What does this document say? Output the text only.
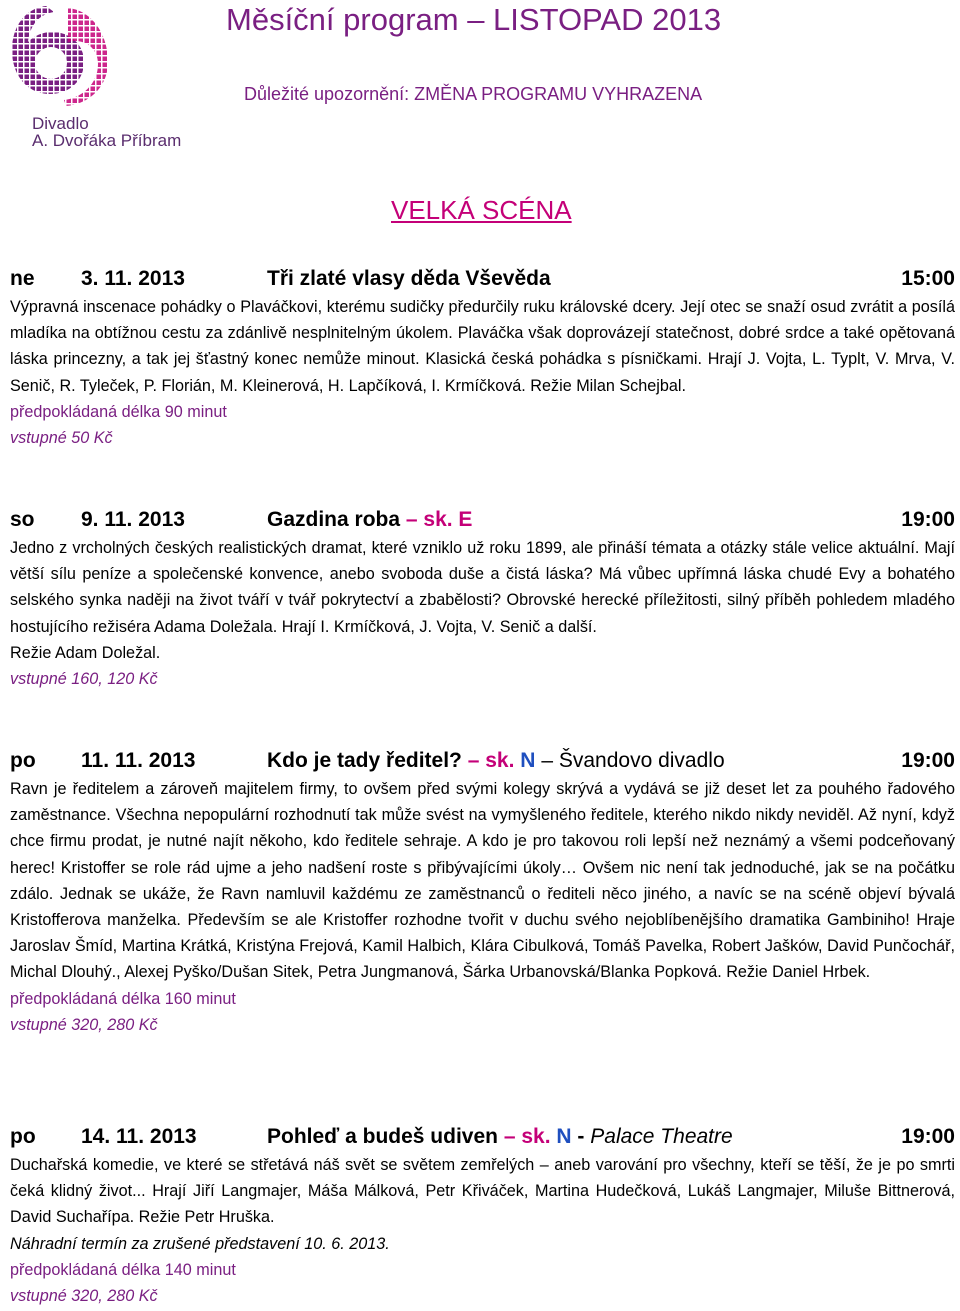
Divadlo
A. Dvořáka Příbram
Měsíční program – LISTOPAD 2013
Důležité upozornění: ZMĚNA PROGRAMU VYHRAZENA
VELKÁ SCÉNA
ne 3. 11. 2013	Tři zlaté vlasy děda Vševěda	15:00

Výpravná inscenace pohádky o Plaváčkovi, kterému sudičky předurčily ruku královské dcery. Její otec se snaží osud zvrátit a posílá mladíka na obtížnou cestu za zdánlivě nesplnitelným úkolem. Plaváčka však doprovázejí statečnost, dobré srdce a také opětovaná láska princezny, a tak jej šťastný konec nemůže minout. Klasická česká pohádka s písničkami. Hrají J. Vojta, L. Typlt, V. Mrva, V. Senič, R. Tyleček, P. Florián, M. Kleinerová, H. Lapčíková, I. Krmíčková. Režie Milan Schejbal.

předpokládaná délka 90 minut

vstupné 50 Kč

so 9. 11. 2013	Gazdina roba – sk. E	19:00

Jedno z vrcholných českých realistických dramat, které vzniklo už roku 1899, ale přináší témata a otázky stále velice aktuální. Mají větší sílu peníze a společenské konvence, anebo svoboda duše a čistá láska? Má vůbec upřímná láska chudé Evy a bohatého selského synka naději na život tváří v tvář pokrytectví a zbabělosti? Obrovské herecké příležitosti, silný příběh pohledem mladého hostujícího režiséra Adama Doležala. Hrají I. Krmíčková, J. Vojta, V. Senič a další.

Režie Adam Doležal.

vstupné 160, 120 Kč

po 11. 11. 2013	Kdo je tady ředitel? – sk. N – Švandovo divadlo	19:00

Ravn je ředitelem a zároveň majitelem firmy, to ovšem před svými kolegy skrývá a vydává se již deset let za pouhého řadového zaměstnance. Všechna nepopulární rozhodnutí tak může svést na vymyšleného ředitele, kterého nikdo nikdy neviděl. Až nyní, když chce firmu prodat, je nutné najít někoho, kdo ředitele sehraje. A kdo je pro takovou roli lepší než neznámý a všemi podceňovaný herec! Kristoffer se role rád ujme a jeho nadšení roste s přibývajícími úkoly… Ovšem nic není tak jednoduché, jak se na počátku zdálo. Jednak se ukáže, že Ravn namluvil každému ze zaměstnanců o řediteli něco jiného, a navíc se na scéně objeví bývalá Kristofferova manželka. Především se ale Kristoffer rozhodne tvořit v duchu svého nejoblíbenějšího dramatika Gambiniho! Hraje Jaroslav Šmíd, Martina Krátká, Kristýna Frejová, Kamil Halbich, Klára Cibulková, Tomáš Pavelka, Robert Jašków, David Punčochář, Michal Dlouhý., Alexej Pyško/Dušan Sitek, Petra Jungmanová, Šárka Urbanovská/Blanka Popková. Režie Daniel Hrbek.

předpokládaná délka 160 minut

vstupné 320, 280 Kč

po 14. 11. 2013	Pohleď a budeš udiven – sk. N - Palace Theatre	19:00

Duchařská komedie, ve které se střetává náš svět se světem zemřelých – aneb varování pro všechny, kteří se těší, že je po smrti čeká klidný život... Hrají Jiří Langmajer, Máša Málková, Petr Křiváček, Martina Hudečková, Lukáš Langmajer, Miluše Bittnerová, David Suchařípa. Režie Petr Hruška.

Náhradní termín za zrušené představení 10. 6. 2013.

předpokládaná délka 140 minut

vstupné 320, 280 Kč
